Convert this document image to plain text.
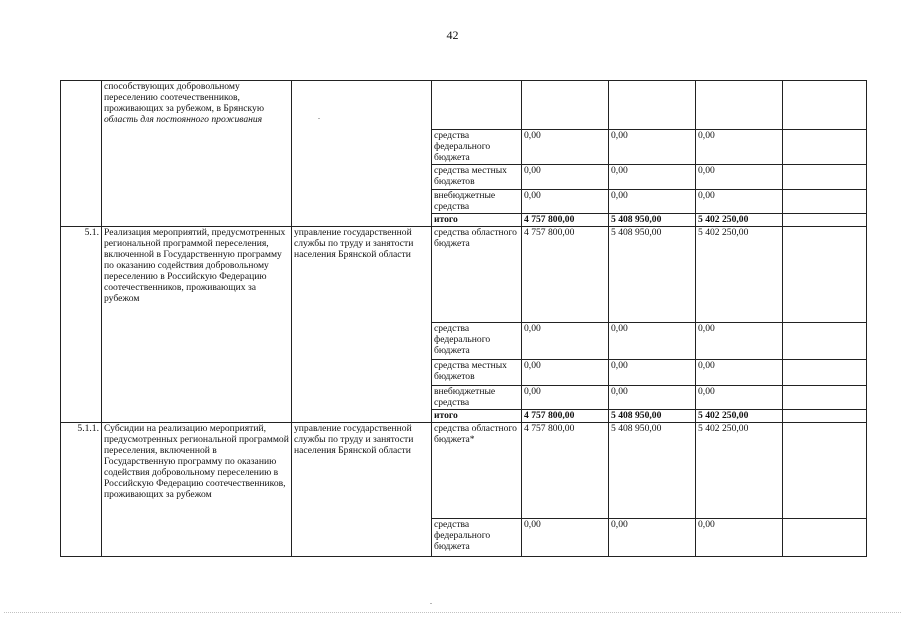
42

	способствующих добровольному
переселению соотечественников,
проживающих за рубежом, в Брянскую
область для постоянного проживания						

			средства федерального бюджета	0,00	0,00	0,00	
			средства местных бюджетов	0,00	0,00	0,00	
			внебюджетные средства	0,00	0,00	0,00	
			итого	4 757 800,00	5 408 950,00	5 402 250,00	
5.1.	Реализация мероприятий, предусмотренных региональной программой переселения, включенной в Государственную программу по оказанию содействия добровольному переселению в Российскую Федерацию соотечественников, проживающих за рубежом	управление государственной службы по труду и занятости населения Брянской области	средства областного бюджета	4 757 800,00	5 408 950,00	5 402 250,00	
			средства федерального бюджета	0,00	0,00	0,00	
			средства местных бюджетов	0,00	0,00	0,00	
			внебюджетные средства	0,00	0,00	0,00	
			итого	4 757 800,00	5 408 950,00	5 402 250,00	
5.1.1.	Субсидии на реализацию мероприятий, предусмотренных региональной программой переселения, включенной в Государственную программу по оказанию содействия добровольному переселению в Российскую Федерацию соотечественников, проживающих за рубежом	управление государственной службы по труду и занятости населения Брянской области	средства областного бюджета*	4 757 800,00	5 408 950,00	5 402 250,00	
			средства федерального бюджета	0,00	0,00	0,00	
